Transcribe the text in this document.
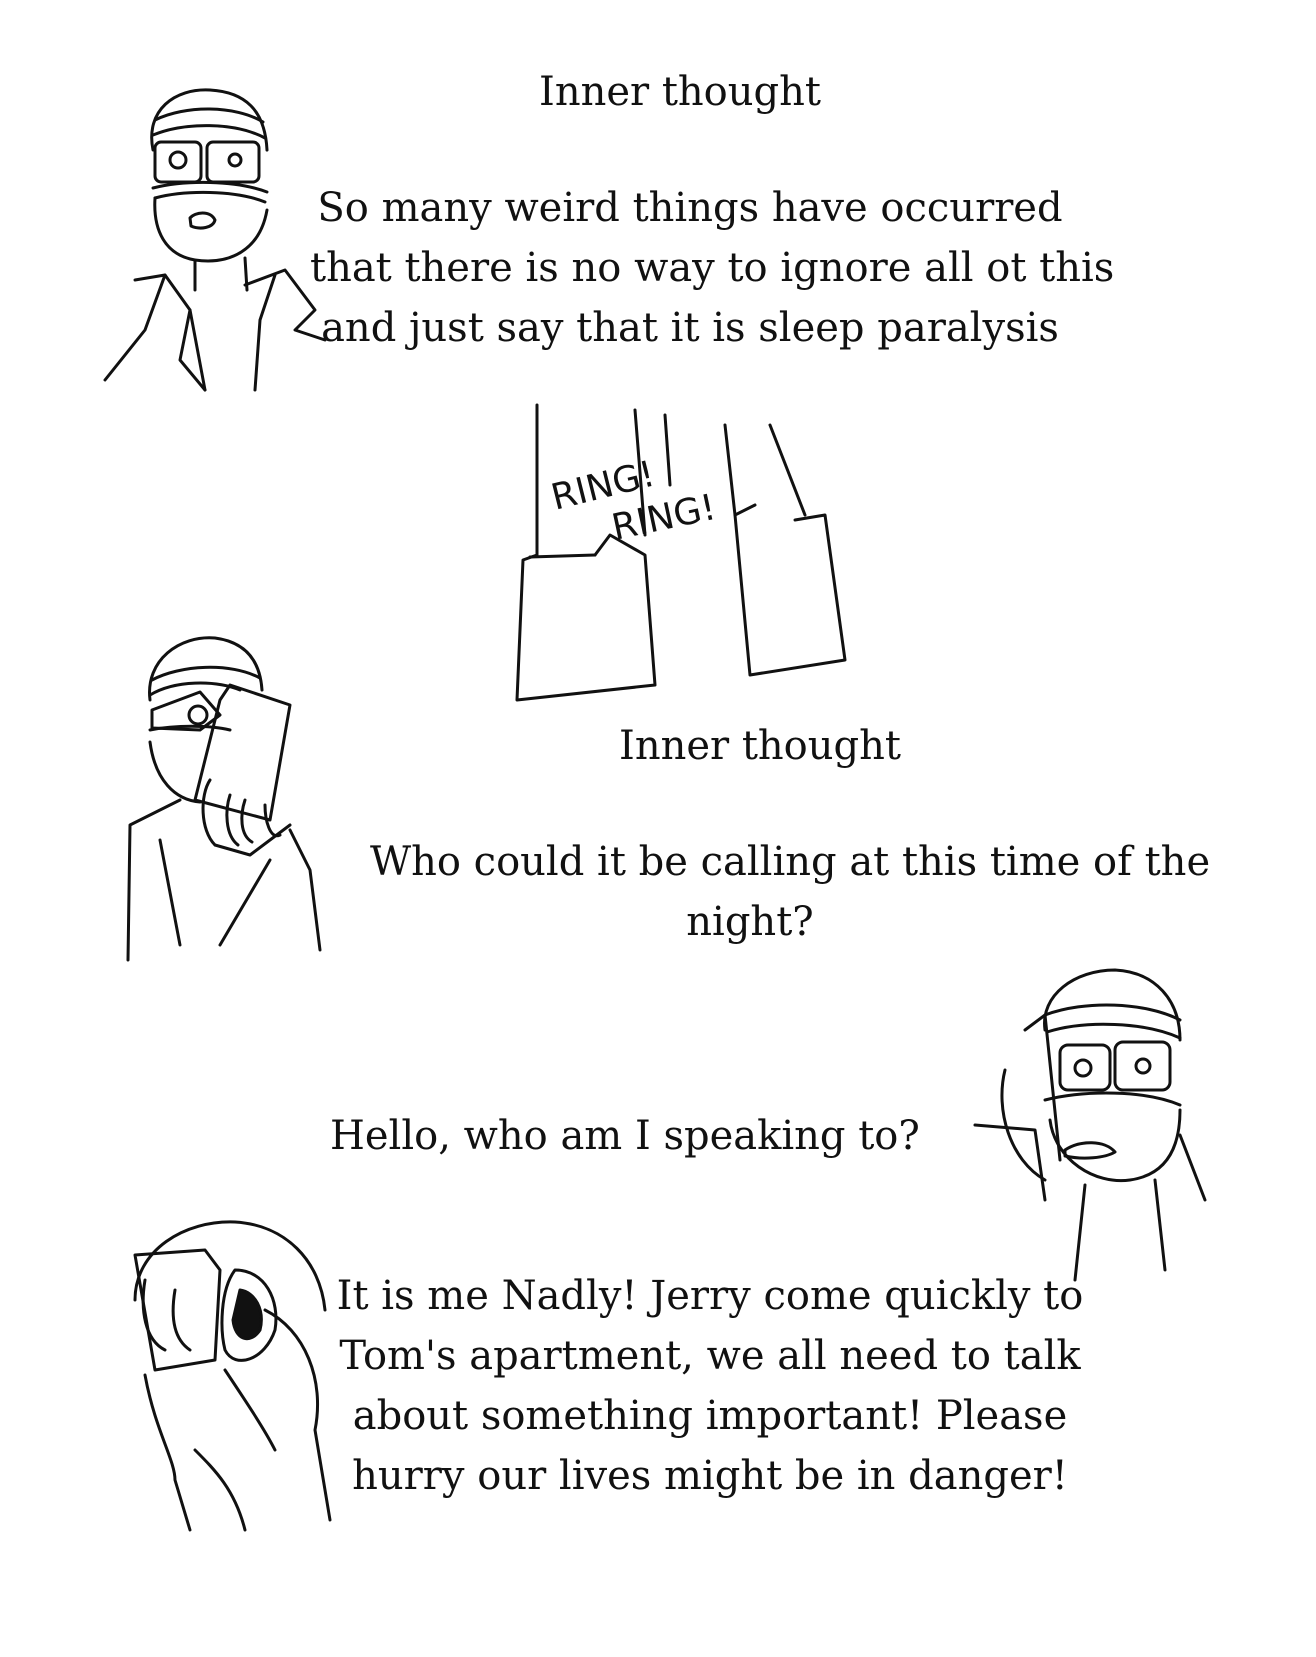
Inner thought
So many weird things have occurred
that there is no way to ignore all ot this
and just say that it is sleep paralysis
RING!
RING!
Inner thought
Who could it be calling at this time of the
night?
Hello, who am I speaking to?
It is me Nadly! Jerry come quickly to
Tom's apartment, we all need to talk
about something important! Please
hurry our lives might be in danger!
